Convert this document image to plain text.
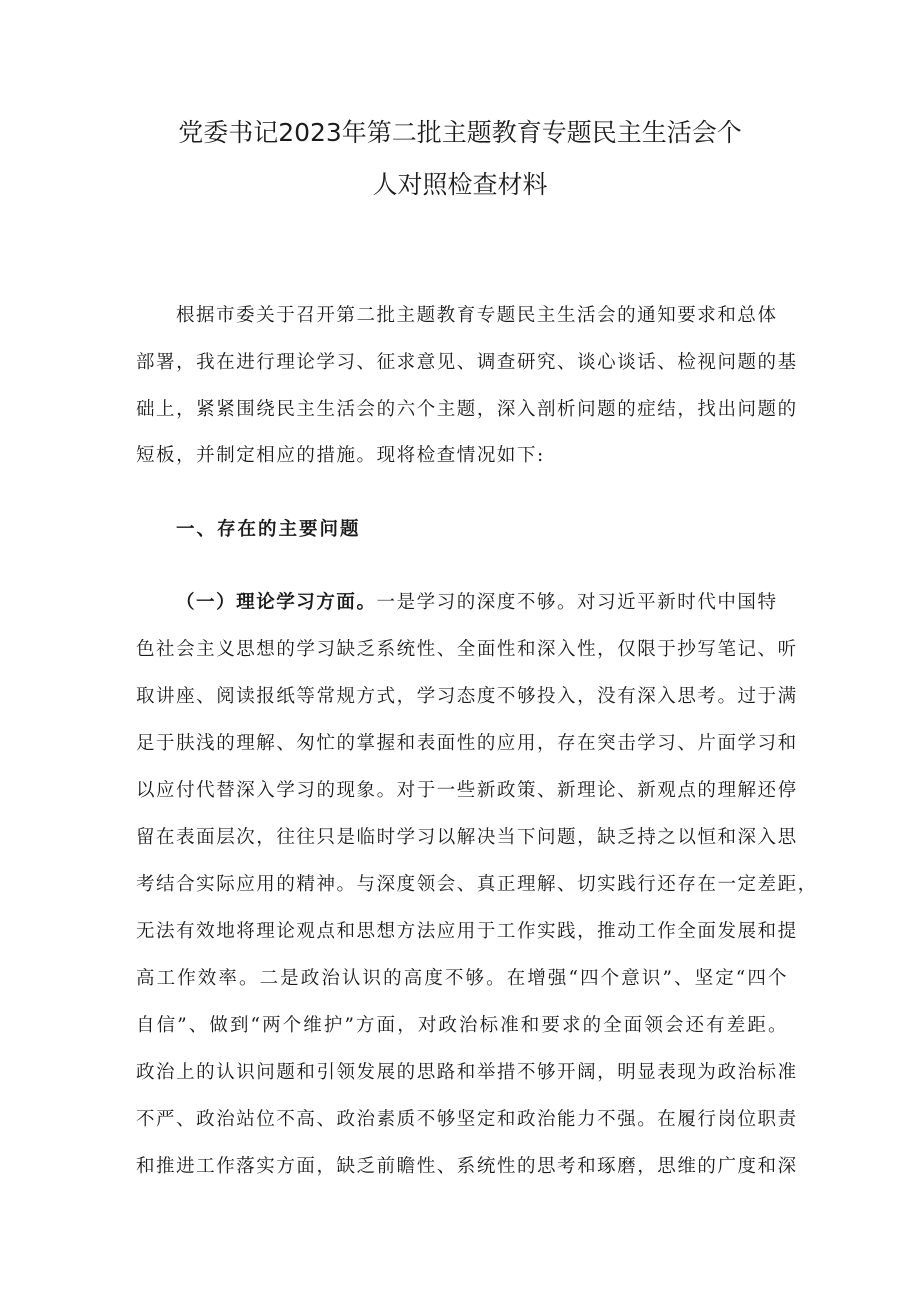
党委书记2023年第二批主题教育专题民主生活会个
人对照检查材料
根据市委关于召开第二批主题教育专题民主生活会的通知要求和总体
部署，我在进行理论学习、征求意见、调查研究、谈心谈话、检视问题的基
础上，紧紧围绕民主生活会的六个主题，深入剖析问题的症结，找出问题的
短板，并制定相应的措施。现将检查情况如下:
一、存在的主要问题
（一）理论学习方面。一是学习的深度不够。对习近平新时代中国特
色社会主义思想的学习缺乏系统性、全面性和深入性，仅限于抄写笔记、听
取讲座、阅读报纸等常规方式，学习态度不够投入，没有深入思考。过于满
足于肤浅的理解、匆忙的掌握和表面性的应用，存在突击学习、片面学习和
以应付代替深入学习的现象。对于一些新政策、新理论、新观点的理解还停
留在表面层次，往往只是临时学习以解决当下问题，缺乏持之以恒和深入思
考结合实际应用的精神。与深度领会、真正理解、切实践行还存在一定差距，
无法有效地将理论观点和思想方法应用于工作实践，推动工作全面发展和提
高工作效率。二是政治认识的高度不够。在增强“四个意识”、坚定“四个
自信”、做到“两个维护”方面，对政治标准和要求的全面领会还有差距。
政治上的认识问题和引领发展的思路和举措不够开阔，明显表现为政治标准
不严、政治站位不高、政治素质不够坚定和政治能力不强。在履行岗位职责
和推进工作落实方面，缺乏前瞻性、系统性的思考和琢磨，思维的广度和深
